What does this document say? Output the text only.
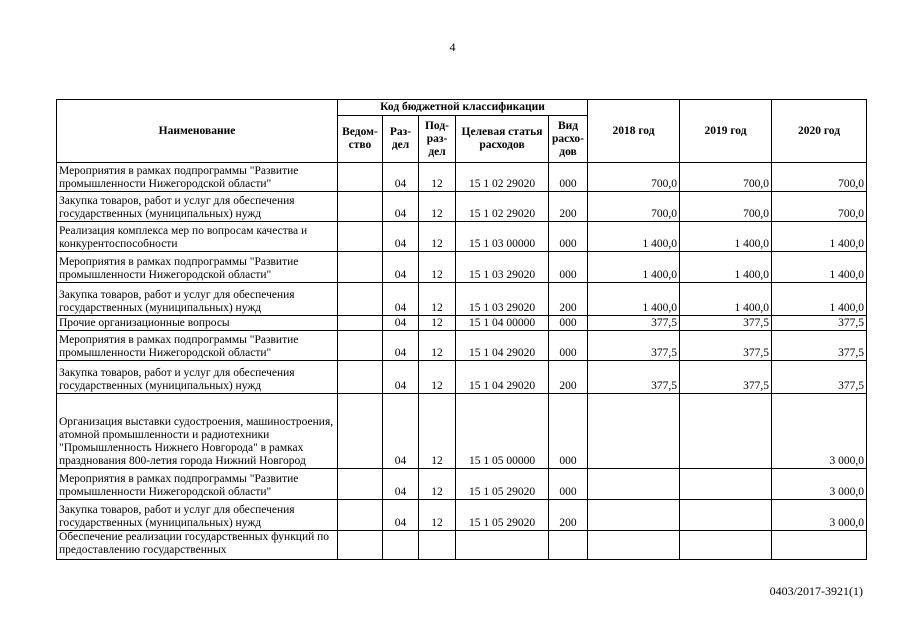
4
Наименование	Код бюджетной классификации					2018 год	2019 год	2020 год
	Ведом-ство	Раз-дел	Под-раз-дел	Целевая статья расходов	Вид расхо-дов			
Мероприятия в рамках подпрограммы "Развитие промышленности Нижегородской области"		04	12	15 1 02 29020	000	700,0	700,0	700,0
Закупка товаров, работ и услуг для обеспечения государственных (муниципальных) нужд		04	12	15 1 02 29020	200	700,0	700,0	700,0
Реализация комплекса мер по вопросам качества и конкурентоспособности		04	12	15 1 03 00000	000	1 400,0	1 400,0	1 400,0
Мероприятия в рамках подпрограммы "Развитие промышленности Нижегородской области"		04	12	15 1 03 29020	000	1 400,0	1 400,0	1 400,0
Закупка товаров, работ и услуг для обеспечения государственных (муниципальных) нужд		04	12	15 1 03 29020	200	1 400,0	1 400,0	1 400,0
Прочие организационные вопросы		04	12	15 1 04 00000	000	377,5	377,5	377,5
Мероприятия в рамках подпрограммы "Развитие промышленности Нижегородской области"		04	12	15 1 04 29020	000	377,5	377,5	377,5
Закупка товаров, работ и услуг для обеспечения государственных (муниципальных) нужд		04	12	15 1 04 29020	200	377,5	377,5	377,5
Организация выставки судостроения, машиностроения, атомной промышленности и радиотехники "Промышленность Нижнего Новгорода" в рамках празднования 800-летия города Нижний Новгород		04	12	15 1 05 00000	000			3 000,0
Мероприятия в рамках подпрограммы "Развитие промышленности Нижегородской области"		04	12	15 1 05 29020	000			3 000,0
Закупка товаров, работ и услуг для обеспечения государственных (муниципальных) нужд		04	12	15 1 05 29020	200			3 000,0
Обеспечение реализации государственных функций по предоставлению государственных								
0403/2017-3921(1)
